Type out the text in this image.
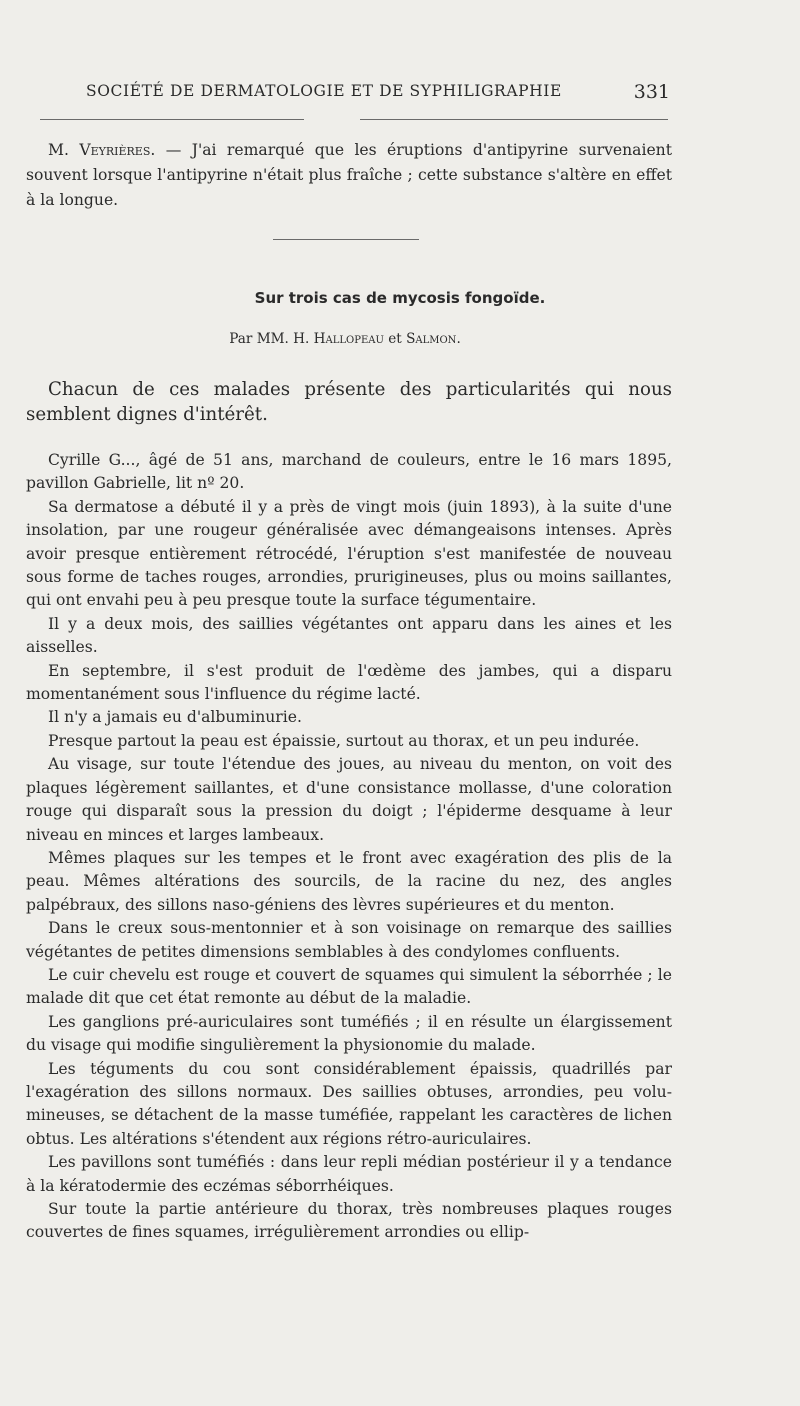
SOCIÉTÉ DE DERMATOLOGIE ET DE SYPHILIGRAPHIE	331

M. Veyrières. — J'ai remarqué que les éruptions d'antipyrine survenaient souvent lorsque l'antipyrine n'était plus fraîche ; cette substance s'altère en effet à la longue.

Sur trois cas de mycosis fongoïde.
Par MM. H. Hallopeau et Salmon.

Chacun de ces malades présente des particularités qui nous semblent dignes d'intérêt.

Cyrille G..., âgé de 51 ans, marchand de couleurs, entre le 16 mars 1895, pavillon Gabrielle, lit nº 20.

Sa dermatose a débuté il y a près de vingt mois (juin 1893), à la suite d'une insolation, par une rougeur généralisée avec démangeaisons intenses. Après avoir presque entièrement rétrocédé, l'éruption s'est manifestée de nouveau sous forme de taches rouges, arrondies, prurigineuses, plus ou moins saillantes, qui ont envahi peu à peu presque toute la surface tégumentaire.

Il y a deux mois, des saillies végétantes ont apparu dans les aines et les aisselles.

En septembre, il s'est produit de l'œdème des jambes, qui a disparu momentanément sous l'influence du régime lacté.

Il n'y a jamais eu d'albuminurie.

Presque partout la peau est épaissie, surtout au thorax, et un peu indurée.

Au visage, sur toute l'étendue des joues, au niveau du menton, on voit des plaques légèrement saillantes, et d'une consistance mollasse, d'une coloration rouge qui disparaît sous la pression du doigt ; l'épiderme desquame à leur niveau en minces et larges lambeaux.

Mêmes plaques sur les tempes et le front avec exagération des plis de la peau. Mêmes altérations des sourcils, de la racine du nez, des angles palpébraux, des sillons naso-géniens des lèvres supérieures et du menton.

Dans le creux sous-mentonnier et à son voisinage on remarque des saillies végétantes de petites dimensions semblables à des condylomes confluents.

Le cuir chevelu est rouge et couvert de squames qui simulent la séborrhée ; le malade dit que cet état remonte au début de la maladie.

Les ganglions pré-auriculaires sont tuméfiés ; il en résulte un élargissement du visage qui modifie singulièrement la physionomie du malade.

Les téguments du cou sont considérablement épaissis, quadrillés par l'exagération des sillons normaux. Des saillies obtuses, arrondies, peu volumineuses, se détachent de la masse tuméfiée, rappelant les caractères de lichen obtus. Les altérations s'étendent aux régions rétro-auriculaires.

Les pavillons sont tuméfiés : dans leur repli médian postérieur il y a tendance à la kératodermie des eczémas séborrhéiques.

Sur toute la partie antérieure du thorax, très nombreuses plaques rouges couvertes de fines squames, irrégulièrement arrondies ou ellip-
